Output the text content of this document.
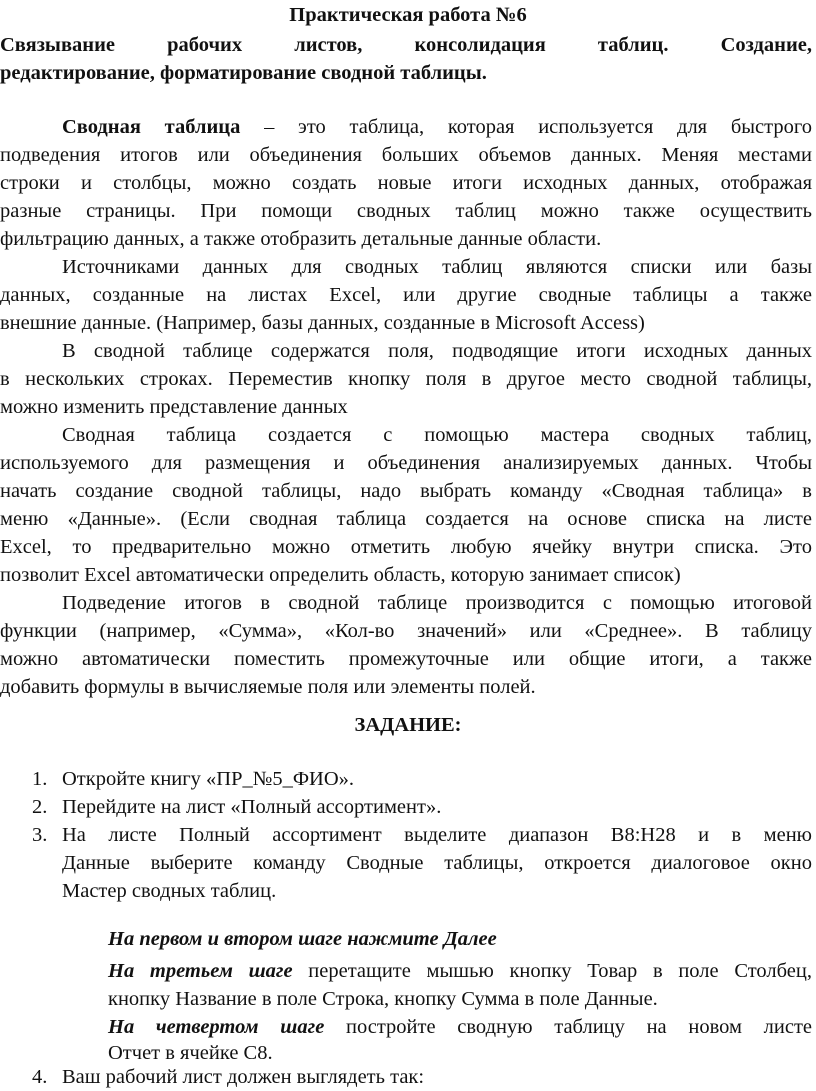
Практическая работа №6
Связывание рабочих листов, консолидация таблиц. Создание,
редактирование, форматирование сводной таблицы.
Сводная таблица – это таблица, которая используется для быстрого
подведения итогов или объединения больших объемов данных. Меняя местами
строки и столбцы, можно создать новые итоги исходных данных, отображая
разные страницы. При помощи сводных таблиц можно также осуществить
фильтрацию данных, а также отобразить детальные данные области.
Источниками данных для сводных таблиц являются списки или базы
данных, созданные на листах Excel, или другие сводные таблицы а также
внешние данные. (Например, базы данных, созданные в Microsoft Access)
В сводной таблице содержатся поля, подводящие итоги исходных данных
в нескольких строках. Переместив кнопку поля в другое место сводной таблицы,
можно изменить представление данных
Сводная таблица создается с помощью мастера сводных таблиц,
используемого для размещения и объединения анализируемых данных. Чтобы
начать создание сводной таблицы, надо выбрать команду «Сводная таблица» в
меню «Данные». (Если сводная таблица создается на основе списка на листе
Excel, то предварительно можно отметить любую ячейку внутри списка. Это
позволит Excel автоматически определить область, которую занимает список)
Подведение итогов в сводной таблице производится с помощью итоговой
функции (например, «Сумма», «Кол-во значений» или «Среднее». В таблицу
можно автоматически поместить промежуточные или общие итоги, а также
добавить формулы в вычисляемые поля или элементы полей.
ЗАДАНИЕ:
1. Откройте книгу «ПР_№5_ФИО».
2. Перейдите на лист «Полный ассортимент».
3. На листе Полный ассортимент выделите диапазон В8:Н28 и в меню
Данные выберите команду Сводные таблицы, откроется диалоговое окно
Мастер сводных таблиц.
На первом и втором шаге нажмите Далее
На третьем шаге перетащите мышью кнопку Товар в поле Столбец,
кнопку Название в поле Строка, кнопку Сумма в поле Данные.
На четвертом шаге постройте сводную таблицу на новом листе
Отчет в ячейке С8.
4. Ваш рабочий лист должен выглядеть так:
